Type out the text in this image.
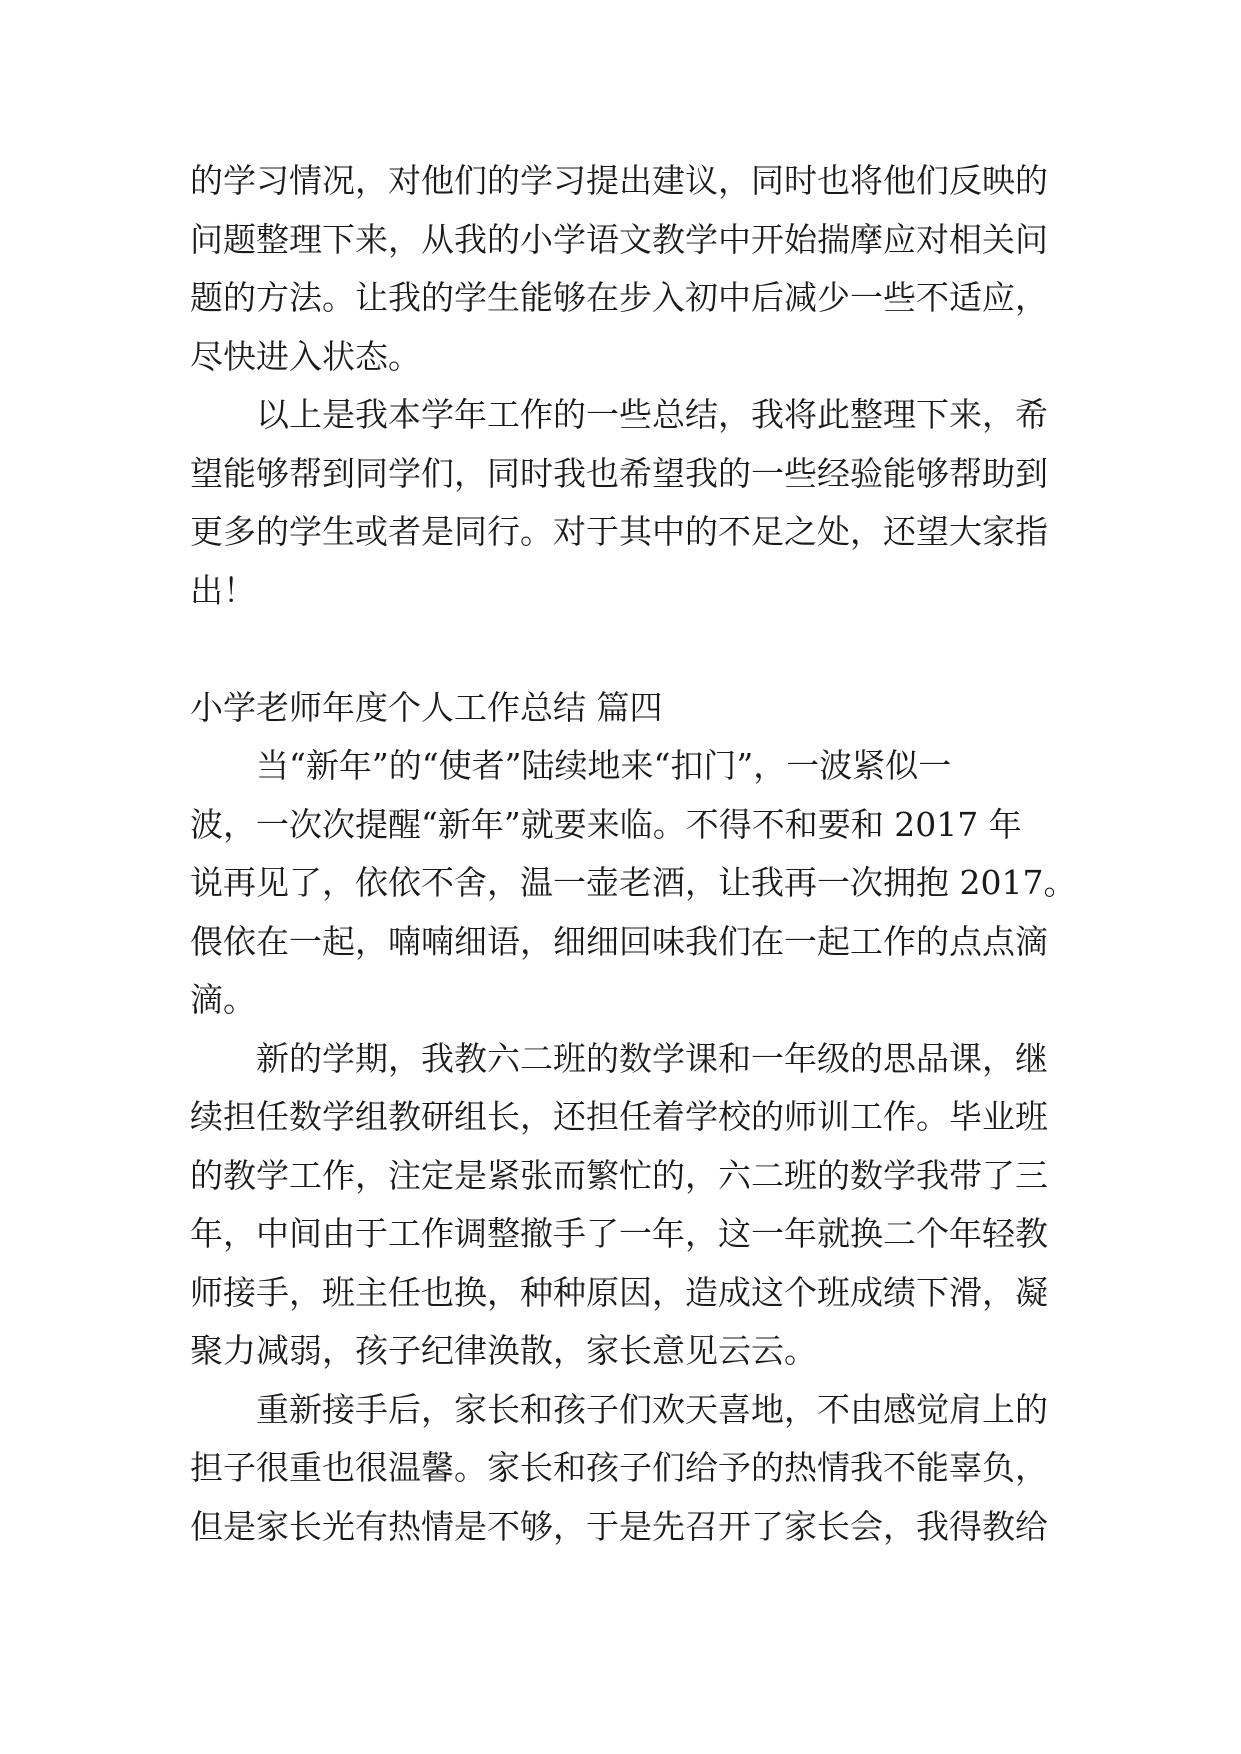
的学习情况，对他们的学习提出建议，同时也将他们反映的
问题整理下来，从我的小学语文教学中开始揣摩应对相关问
题的方法。让我的学生能够在步入初中后减少一些不适应，
尽快进入状态。
以上是我本学年工作的一些总结，我将此整理下来，希
望能够帮到同学们，同时我也希望我的一些经验能够帮助到
更多的学生或者是同行。对于其中的不足之处，还望大家指
出！
小学老师年度个人工作总结 篇四
当“新年”的“使者”陆续地来“扣门”，一波紧似一
波，一次次提醒“新年”就要来临。不得不和要和 2017 年
说再见了，依依不舍，温一壶老酒，让我再一次拥抱 2017。
偎依在一起，喃喃细语，细细回味我们在一起工作的点点滴
滴。
新的学期，我教六二班的数学课和一年级的思品课，继
续担任数学组教研组长，还担任着学校的师训工作。毕业班
的教学工作，注定是紧张而繁忙的，六二班的数学我带了三
年，中间由于工作调整撤手了一年，这一年就换二个年轻教
师接手，班主任也换，种种原因，造成这个班成绩下滑，凝
聚力减弱，孩子纪律涣散，家长意见云云。
重新接手后，家长和孩子们欢天喜地，不由感觉肩上的
担子很重也很温馨。家长和孩子们给予的热情我不能辜负，
但是家长光有热情是不够，于是先召开了家长会，我得教给
